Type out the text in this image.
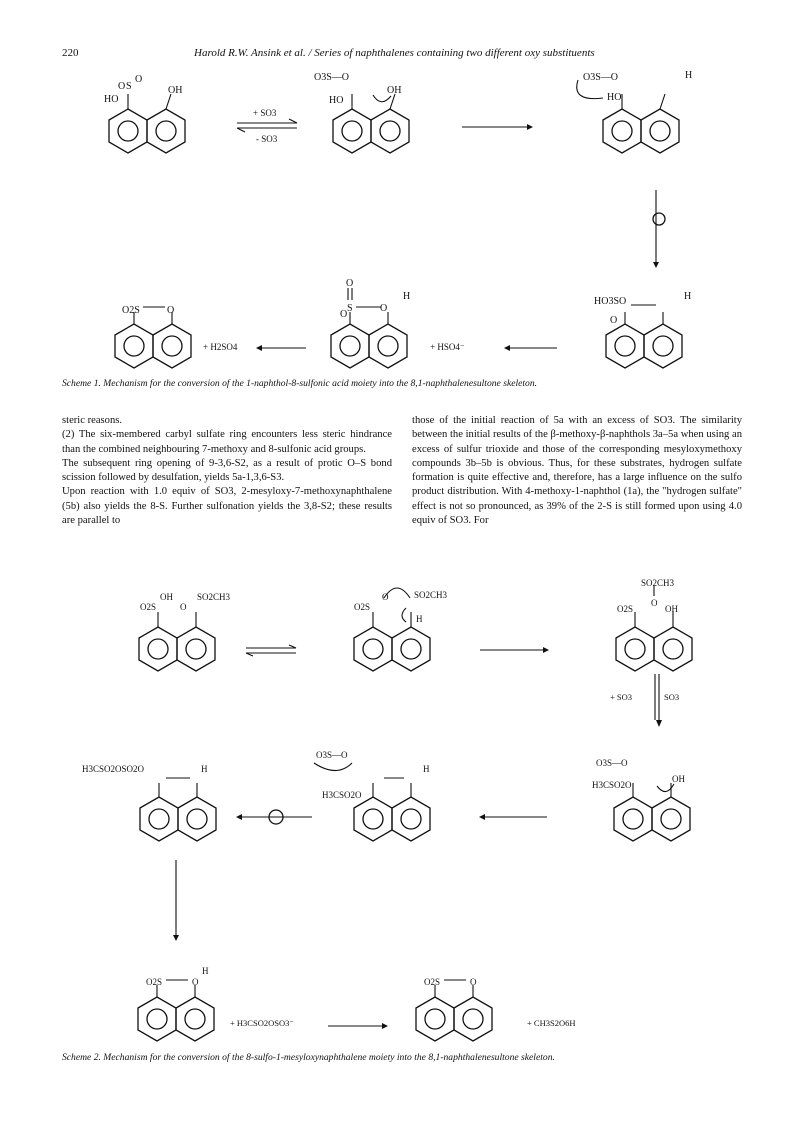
220	Harold R.W. Ansink et al. / Series of naphthalenes containing two different oxy substituents
O S
O
HO
OH
+ SO3
- SO3
O3S—O
HO
OH
O3S—O
HO
H
O2S	O
+ H2SO4
O
O
S	O
H
+ HSO4⁻
HO3SO
O
H
Scheme 1. Mechanism for the conversion of the 1-naphthol-8-sulfonic acid moiety into the 8,1-naphthalenesultone skeleton.

steric reasons.

(2) The six-membered carbyl sulfate ring encounters less steric hindrance than the combined neighbouring 7-methoxy and 8-sulfonic acid groups.

The subsequent ring opening of 9-3,6-S2, as a result of protic O–S bond scission followed by desulfation, yields 5a-1,3,6-S3.

Upon reaction with 1.0 equiv of SO3, 2-mesyloxy-7-methoxynaphthalene (5b) also yields the 8-S. Further sulfonation yields the 3,8-S2; these results are parallel to

those of the initial reaction of 5a with an excess of SO3. The similarity between the initial results of the β-methoxy-β-naphthols 3a–5a when using an excess of sulfur trioxide and those of the corresponding mesyloxymethoxy compounds 3b–5b is obvious. Thus, for these substrates, hydrogen sulfate formation is quite effective and, therefore, has a large influence on the sulfo product distribution. With 4-methoxy-1-naphthol (1a), the "hydrogen sulfate" effect is not so pronounced, as 39% of the 2-S is still formed upon using 4.0 equiv of SO3. For

O2S
OH
O
SO2CH3
O2S
O	SO2CH3
H
SO2CH3
O
O2S	OH
+ SO3	SO3
H3CSO2OSO2O	H
O3S—O
H3CSO2O
H
O3S—O
H3CSO2O
OH
O2S	O
H
+ H3CSO2OSO3⁻
O2S	O
+ CH3S2O6H
Scheme 2. Mechanism for the conversion of the 8-sulfo-1-mesyloxynaphthalene moiety into the 8,1-naphthalenesultone skeleton.
